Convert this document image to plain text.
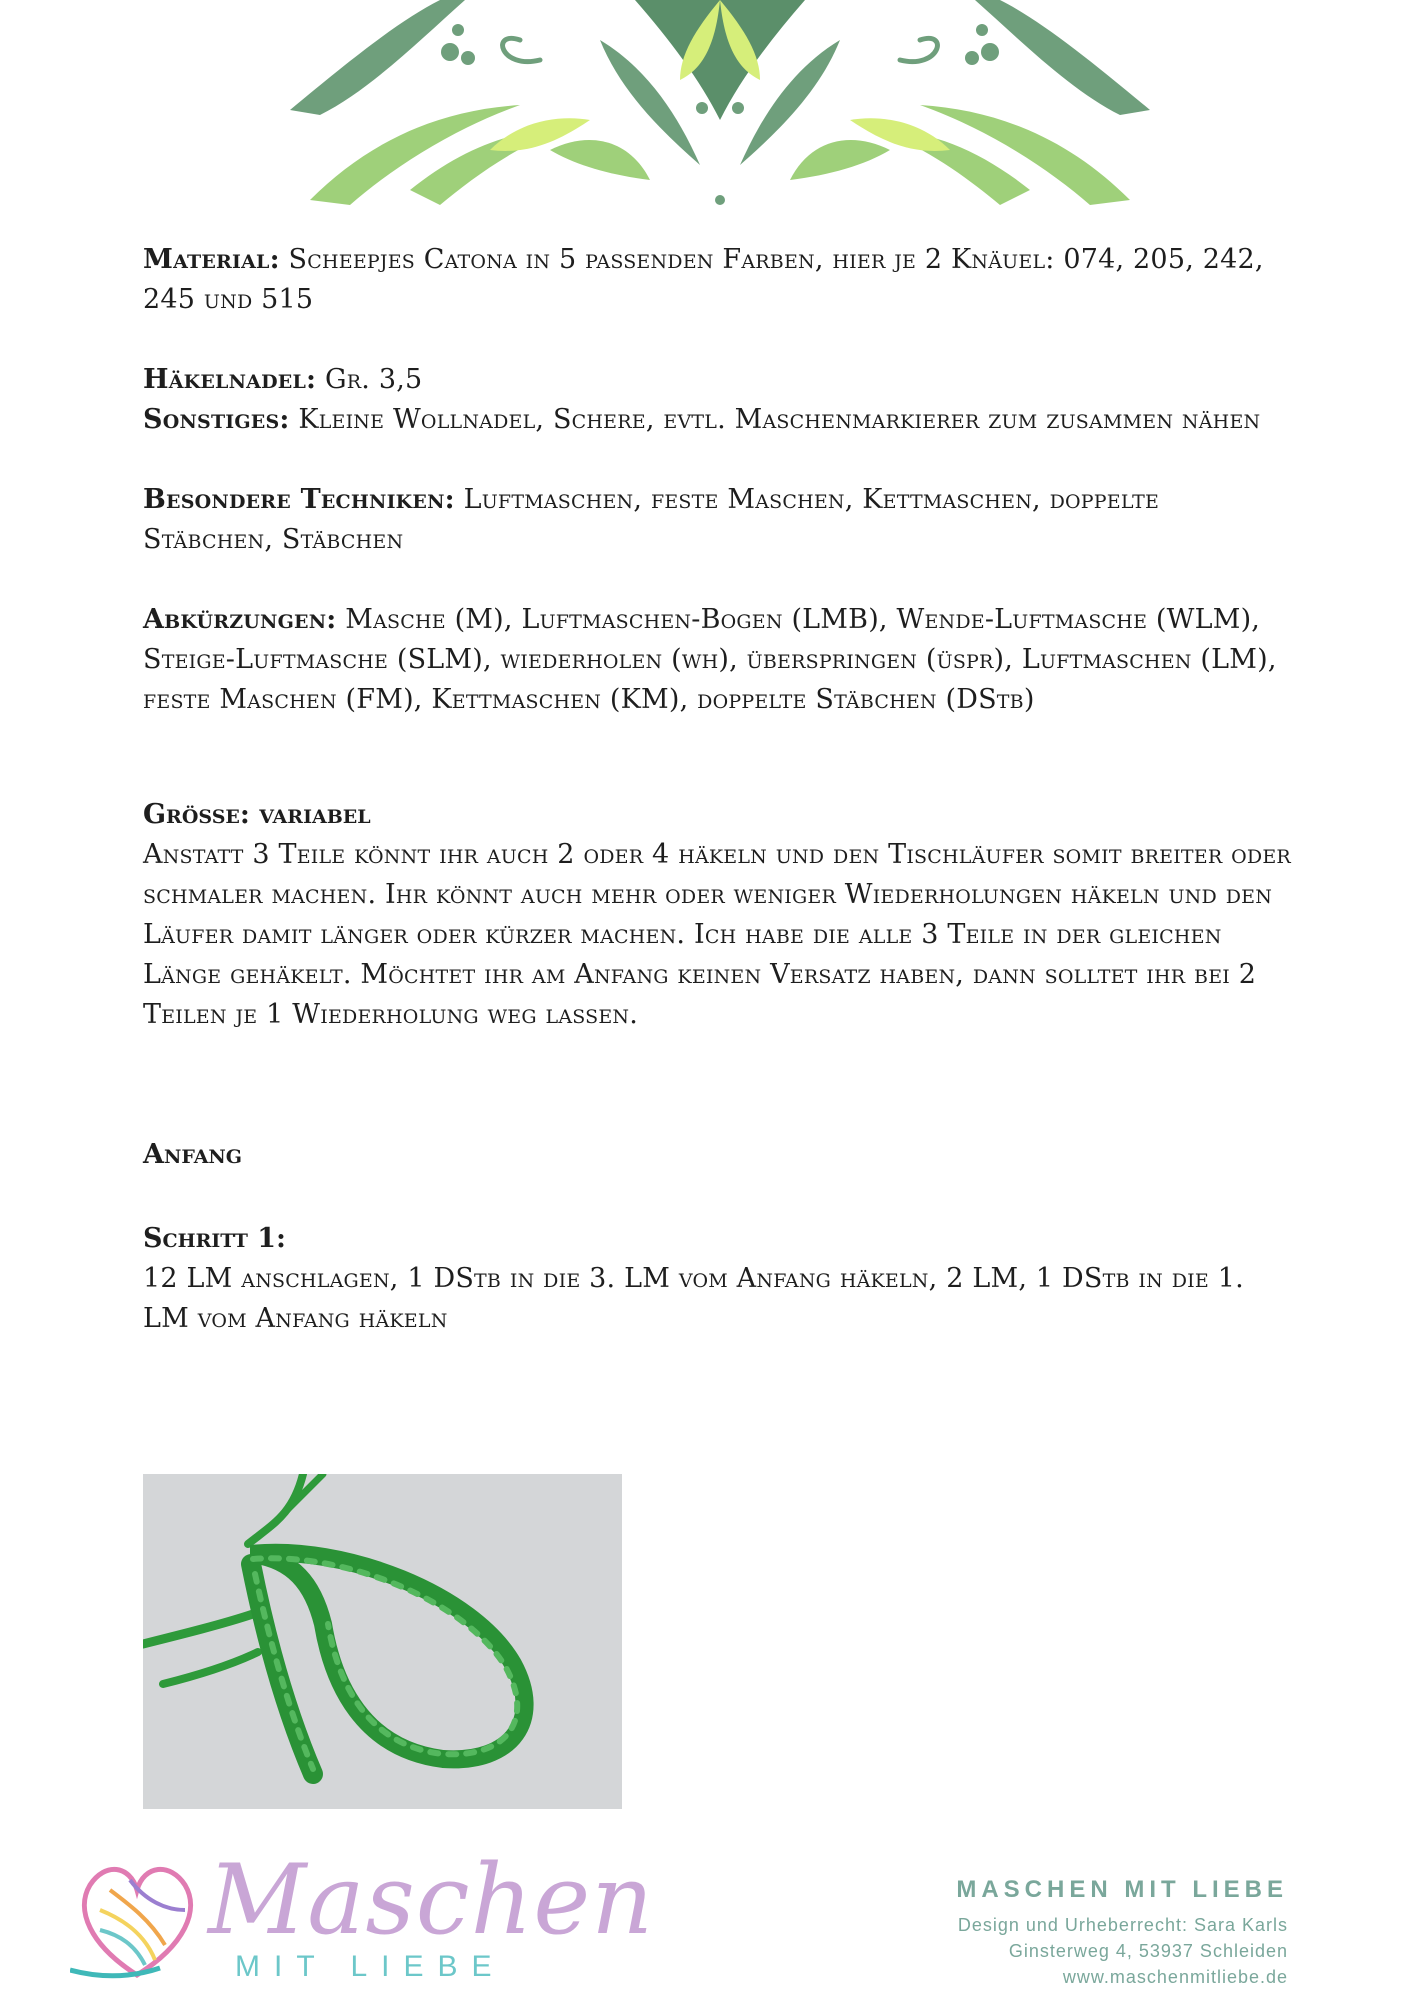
Material: Scheepjes Catona in 5 passenden Farben, hier je 2 Knäuel: 074, 205, 242, 245 und 515

Häkelnadel: Gr. 3,5

Sonstiges: Kleine Wollnadel, Schere, evtl. Maschenmarkierer zum zusammen nähen

Besondere Techniken: Luftmaschen, feste Maschen, Kettmaschen, doppelte Stäbchen, Stäbchen

Abkürzungen: Masche (M), Luftmaschen-Bogen (LMB), Wende-Luftmasche (WLM), Steige-Luftmasche (SLM), wiederholen (wh), überspringen (üspr), Luftmaschen (LM), feste Maschen (FM), Kettmaschen (KM), doppelte Stäbchen (DStb)

Größe: variabel

Anstatt 3 Teile könnt ihr auch 2 oder 4 häkeln und den Tischläufer somit breiter oder schmaler machen. Ihr könnt auch mehr oder weniger Wiederholungen häkeln und den Läufer damit länger oder kürzer machen. Ich habe die alle 3 Teile in der gleichen Länge gehäkelt. Möchtet ihr am Anfang keinen Versatz haben, dann solltet ihr bei 2 Teilen je 1 Wiederholung weg lassen.

Anfang

Schritt 1:

12 LM anschlagen, 1 DStb in die 3. LM vom Anfang häkeln, 2 LM, 1 DStb in die 1. LM vom Anfang häkeln

Maschen
MIT LIEBE
MASCHEN MIT LIEBE
Design und Urheberrecht: Sara Karls
Ginsterweg 4, 53937 Schleiden
www.maschenmitliebe.de
